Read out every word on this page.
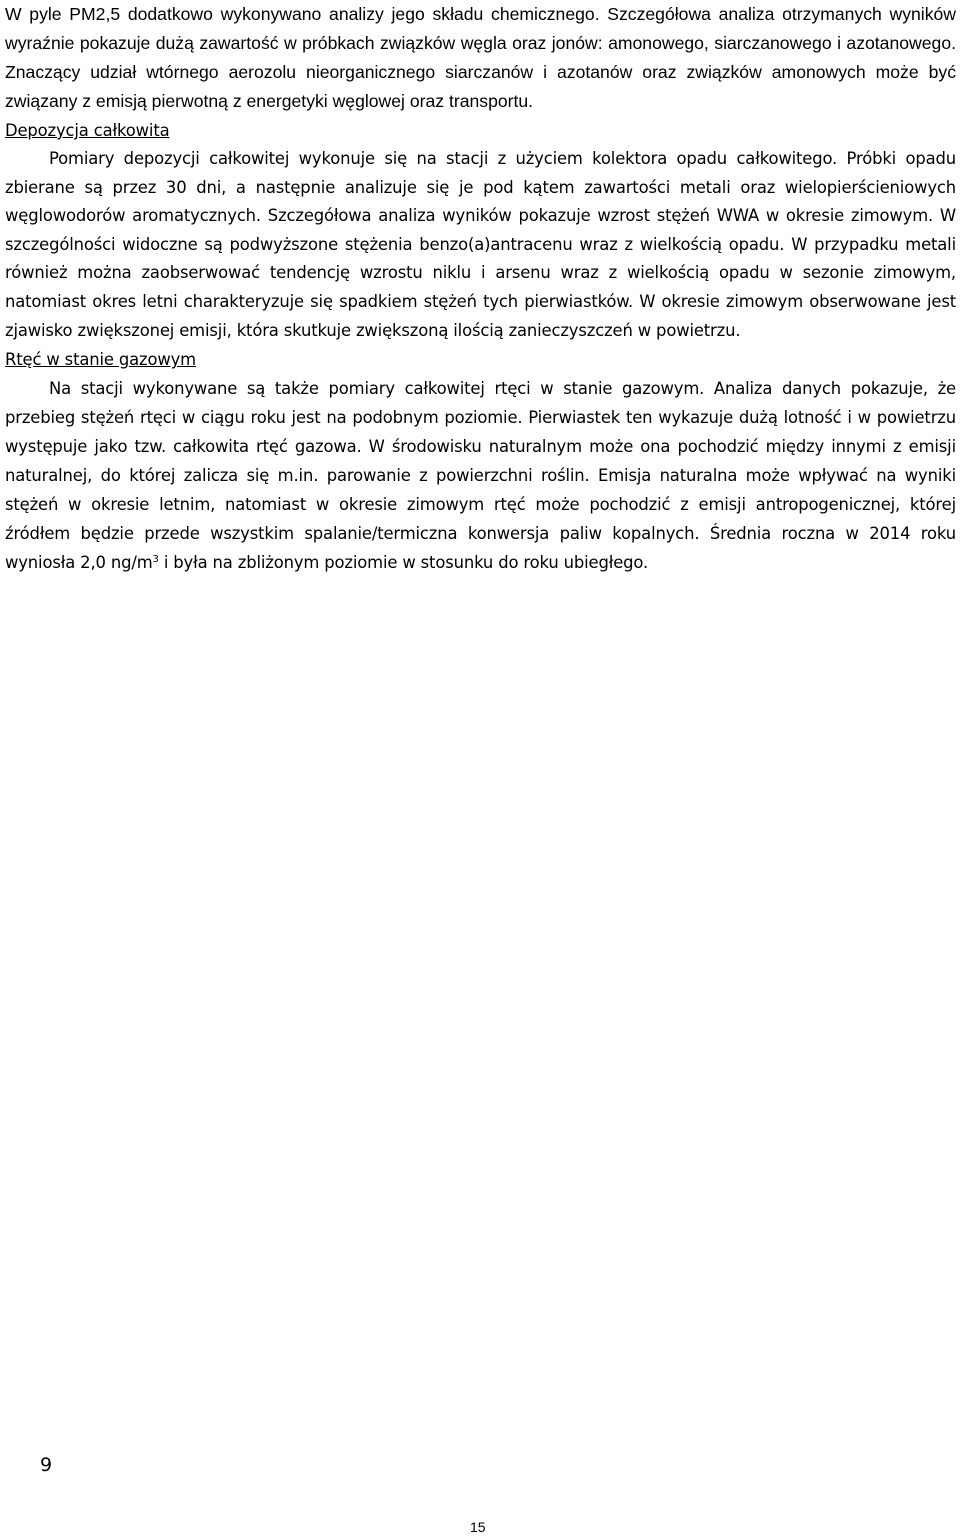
W pyle PM2,5 dodatkowo wykonywano analizy jego składu chemicznego. Szczegółowa analiza otrzymanych wyników wyraźnie pokazuje dużą zawartość w próbkach związków węgla oraz jonów: amonowego, siarczanowego i azotanowego. Znaczący udział wtórnego aerozolu nieorganicznego siarczanów i azotanów oraz związków amonowych może być związany z emisją pierwotną z energetyki węglowej oraz transportu.

Depozycja całkowita

Pomiary depozycji całkowitej wykonuje się na stacji z użyciem kolektora opadu całkowitego. Próbki opadu zbierane są przez 30 dni, a następnie analizuje się je pod kątem zawartości metali oraz wielopierścieniowych węglowodorów aromatycznych. Szczegółowa analiza wyników pokazuje wzrost stężeń WWA w okresie zimowym. W szczególności widoczne są podwyższone stężenia benzo(a)antracenu wraz z wielkością opadu. W przypadku metali również można zaobserwować tendencję wzrostu niklu i arsenu wraz z wielkością opadu w sezonie zimowym, natomiast okres letni charakteryzuje się spadkiem stężeń tych pierwiastków. W okresie zimowym obserwowane jest zjawisko zwiększonej emisji, która skutkuje zwiększoną ilością zanieczyszczeń w powietrzu.

Rtęć w stanie gazowym

Na stacji wykonywane są także pomiary całkowitej rtęci w stanie gazowym. Analiza danych pokazuje, że przebieg stężeń rtęci w ciągu roku jest na podobnym poziomie. Pierwiastek ten wykazuje dużą lotność i w powietrzu występuje jako tzw. całkowita rtęć gazowa. W środowisku naturalnym może ona pochodzić między innymi z emisji naturalnej, do której zalicza się m.in. parowanie z powierzchni roślin. Emisja naturalna może wpływać na wyniki stężeń w okresie letnim, natomiast w okresie zimowym rtęć może pochodzić z emisji antropogenicznej, której źródłem będzie przede wszystkim spalanie/termiczna konwersja paliw kopalnych. Średnia roczna w 2014 roku wyniosła 2,0 $ng/m^3$ i była na zbliżonym poziomie w stosunku do roku ubiegłego.

9
15
